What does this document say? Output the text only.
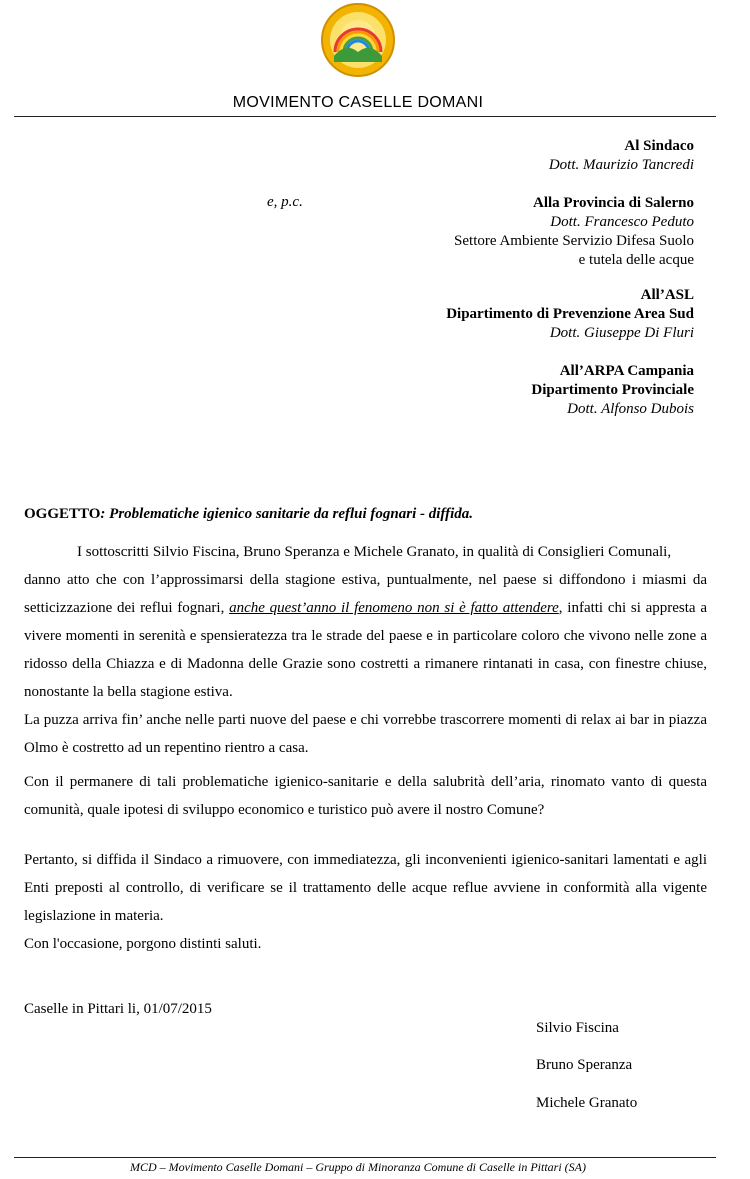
MOVIMENTO CASELLE DOMANI
Al Sindaco
Dott. Maurizio Tancredi
e, p.c.	Alla Provincia di Salerno
Dott. Francesco Peduto
Settore Ambiente Servizio Difesa Suolo
e tutela delle acque
All’ASL
Dipartimento di Prevenzione Area Sud
Dott. Giuseppe Di Fluri
All’ARPA Campania
Dipartimento Provinciale
Dott. Alfonso Dubois
OGGETTO: Problematiche igienico sanitarie da reflui fognari - diffida.
I sottoscritti Silvio Fiscina, Bruno Speranza e Michele Granato, in qualità di Consiglieri Comunali,
danno atto che con l’approssimarsi della stagione estiva, puntualmente, nel paese si diffondono i miasmi da setticizzazione dei reflui fognari, anche quest’anno il fenomeno non si è fatto attendere, infatti chi si appresta a vivere momenti in serenità e spensieratezza tra le strade del paese e in particolare coloro che vivono nelle zone a ridosso della Chiazza e di Madonna delle Grazie sono costretti a rimanere rintanati in casa, con finestre chiuse, nonostante la bella stagione estiva.
La puzza arriva fin’ anche nelle parti nuove del paese e chi vorrebbe trascorrere momenti di relax ai bar in piazza Olmo è costretto ad un repentino rientro a casa.
Con il permanere di tali problematiche igienico-sanitarie e della salubrità dell’aria, rinomato vanto di questa comunità, quale ipotesi di sviluppo economico e turistico può avere il nostro Comune?
Pertanto, si diffida il Sindaco a rimuovere, con immediatezza, gli inconvenienti igienico-sanitari lamentati e agli Enti preposti al controllo, di verificare se il trattamento delle acque reflue avviene in conformità alla vigente legislazione in materia.
Con l'occasione, porgono distinti saluti.
Caselle in Pittari li, 01/07/2015
Silvio Fiscina
Bruno Speranza
Michele Granato
MCD – Movimento Caselle Domani – Gruppo di Minoranza Comune di Caselle in Pittari (SA)
